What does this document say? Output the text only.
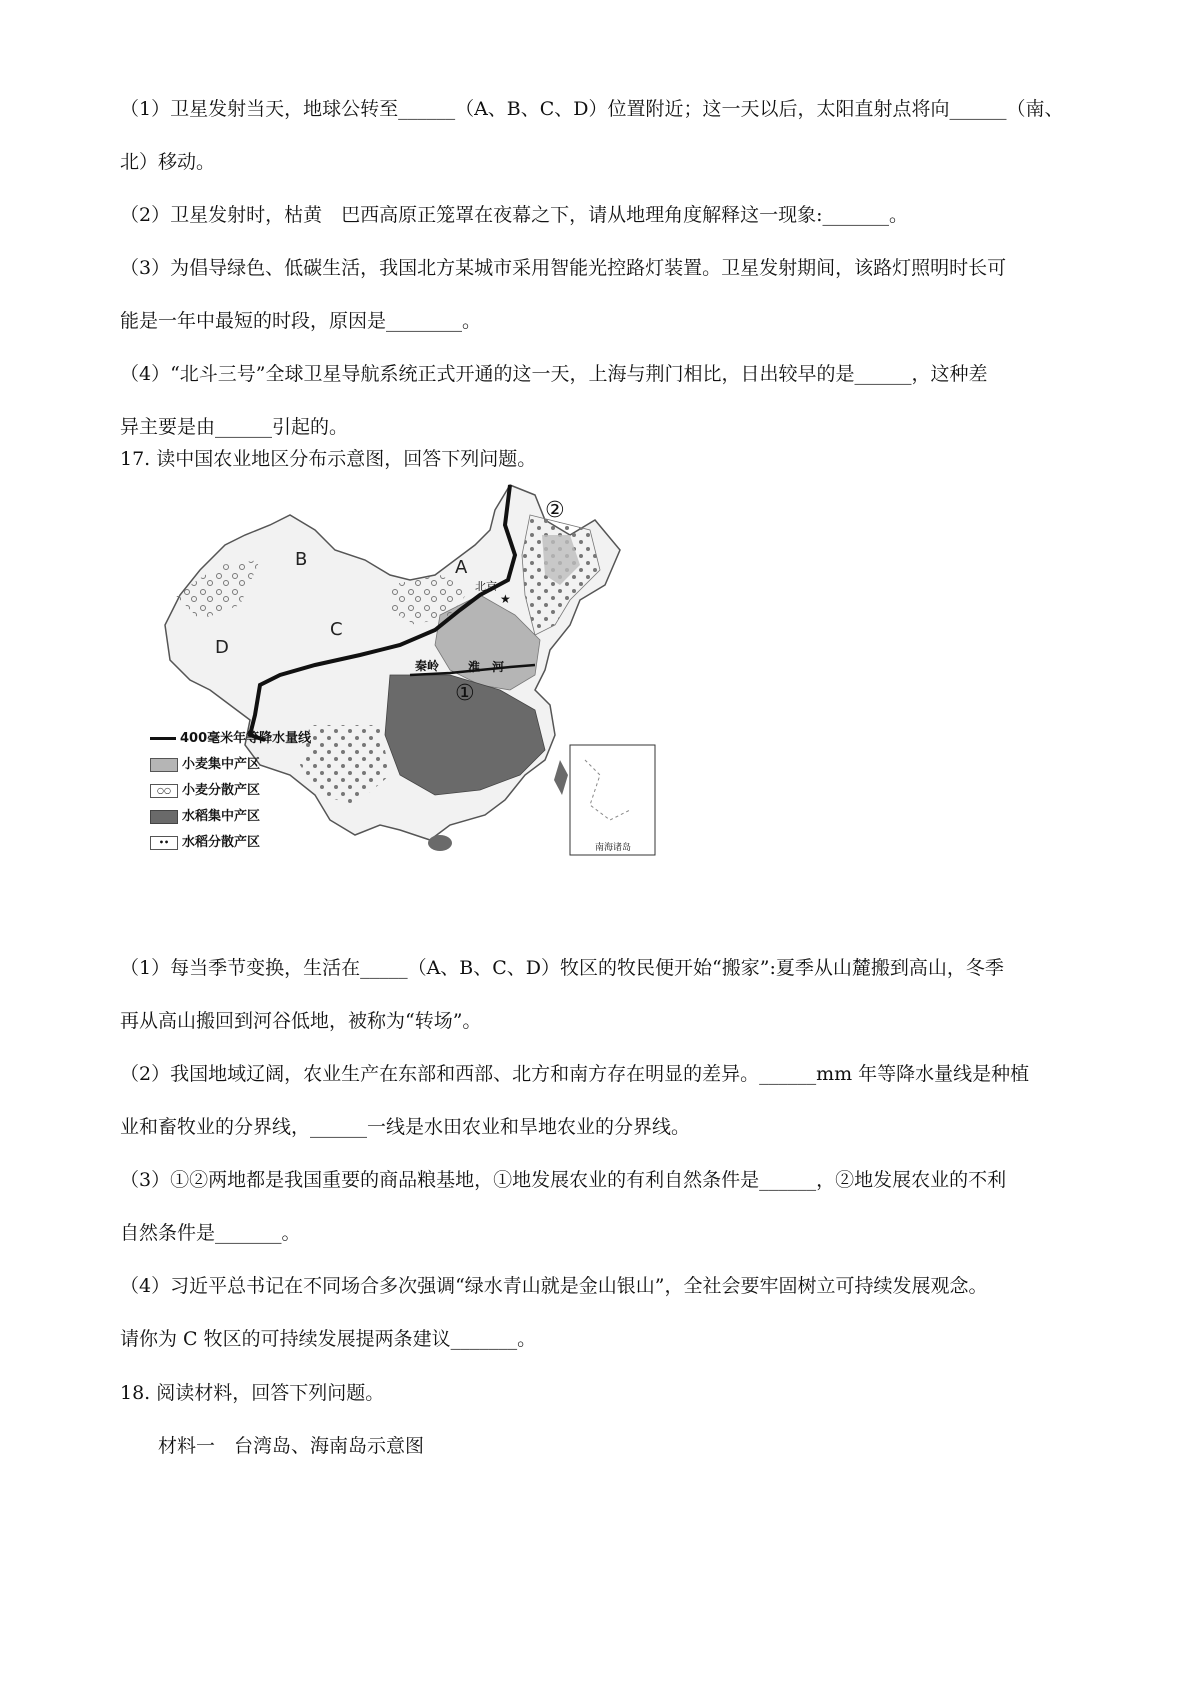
（1）卫星发射当天，地球公转至______（A、B、C、D）位置附近；这一天以后，太阳直射点将向______（南、
北）移动。
（2）卫星发射时，枯黄　巴西高原正笼罩在夜幕之下，请从地理角度解释这一现象:_______。
（3）为倡导绿色、低碳生活，我国北方某城市采用智能光控路灯装置。卫星发射期间，该路灯照明时长可
能是一年中最短的时段，原因是________。
（4）“北斗三号”全球卫星导航系统正式开通的这一天，上海与荆门相比，日出较早的是______，这种差
异主要是由______引起的。
17. 读中国农业地区分布示意图，回答下列问题。
B	A
C
D
北京
★
秦岭 淮　河
①
②
南海诸岛
400毫米年等降水量线
小麦集中产区
○○ 小麦分散产区
水稻集中产区
•• 水稻分散产区
（1）每当季节变换，生活在_____（A、B、C、D）牧区的牧民便开始“搬家”:夏季从山麓搬到高山，冬季
再从高山搬回到河谷低地，被称为“转场”。
（2）我国地域辽阔，农业生产在东部和西部、北方和南方存在明显的差异。______mm 年等降水量线是种植
业和畜牧业的分界线，______一线是水田农业和旱地农业的分界线。
（3）①②两地都是我国重要的商品粮基地，①地发展农业的有利自然条件是______，②地发展农业的不利
自然条件是_______。
（4）习近平总书记在不同场合多次强调“绿水青山就是金山银山”，全社会要牢固树立可持续发展观念。
请你为 C 牧区的可持续发展提两条建议_______。
18. 阅读材料，回答下列问题。
材料一　台湾岛、海南岛示意图
